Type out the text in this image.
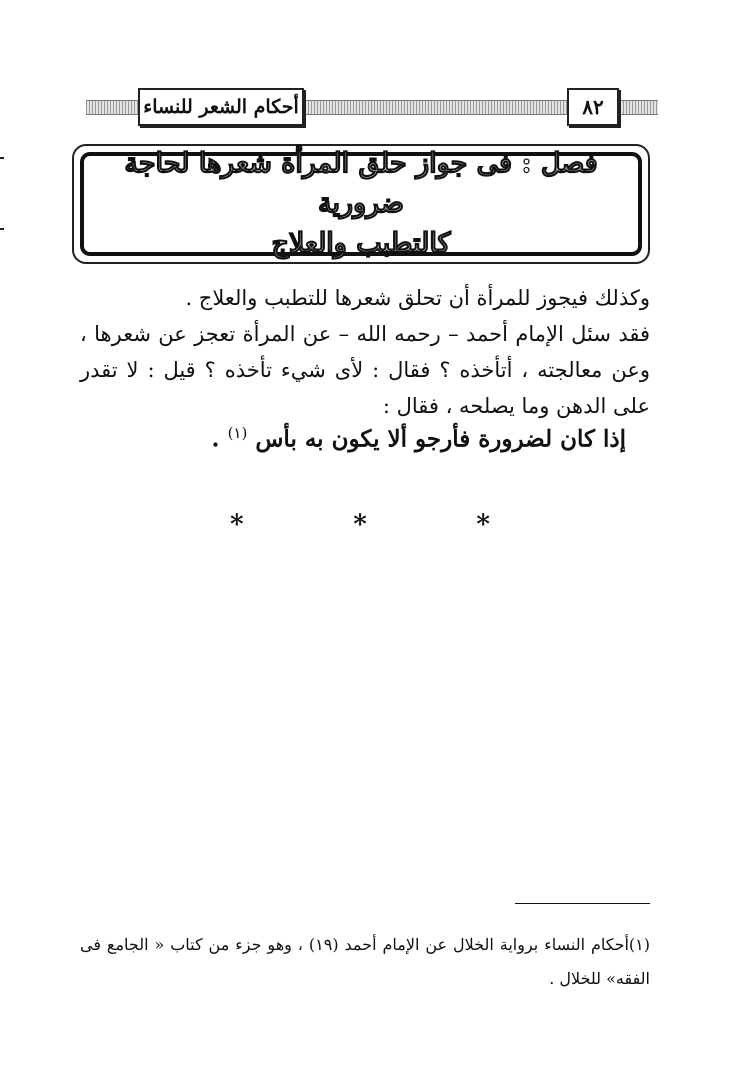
٨٢
أحكام الشعر للنساء
فصل : فى جواز حلق المرأة شعرها لحاجة ضرورية
كالتطبب والعلاج

وكذلك فيجوز للمرأة أن تحلق شعرها للتطبب والعلاج .

فقد سئل الإمام أحمد – رحمه الله – عن المرأة تعجز عن شعرها ، وعن معالجته ، أتأخذه ؟ فقال : لأى شيء تأخذه ؟ قيل : لا تقدر على الدهن وما يصلحه ، فقال :

إذا كان لضرورة فأرجو ألا يكون به بأس $^{(١)}$ .

*	*	*

(١)أحكام النساء برواية الخلال عن الإمام أحمد (١٩) ، وهو جزء من كتاب « الجامع فى الفقه» للخلال .
